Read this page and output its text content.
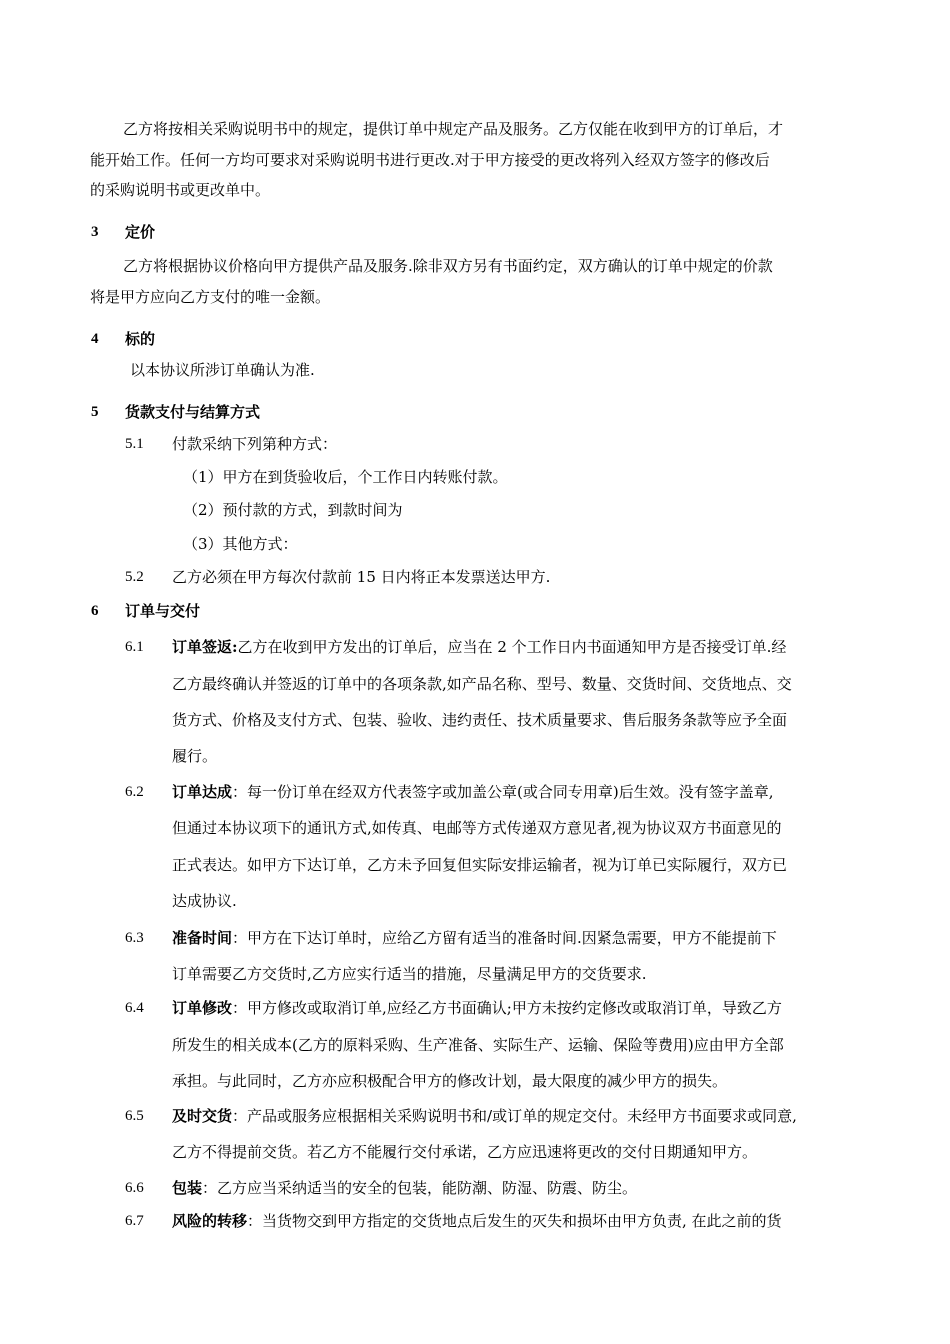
乙方将按相关采购说明书中的规定，提供订单中规定产品及服务。乙方仅能在收到甲方的订单后，才
能开始工作。任何一方均可要求对采购说明书进行更改.对于甲方接受的更改将列入经双方签字的修改后
的采购说明书或更改单中。
3 定价
乙方将根据协议价格向甲方提供产品及服务.除非双方另有书面约定，双方确认的订单中规定的价款
将是甲方应向乙方支付的唯一金额。
4 标的
以本协议所涉订单确认为准.
5 货款支付与结算方式
5.1 付款采纳下列第种方式：
（1）甲方在到货验收后，个工作日内转账付款。
（2）预付款的方式，到款时间为
（3）其他方式：
5.2 乙方必须在甲方每次付款前 15 日内将正本发票送达甲方.
6 订单与交付
6.1 订单签返:乙方在收到甲方发出的订单后，应当在 2 个工作日内书面通知甲方是否接受订单.经
乙方最终确认并签返的订单中的各项条款,如产品名称、型号、数量、交货时间、交货地点、交
货方式、价格及支付方式、包装、验收、违约责任、技术质量要求、售后服务条款等应予全面
履行。
6.2 订单达成：每一份订单在经双方代表签字或加盖公章(或合同专用章)后生效。没有签字盖章,
但通过本协议项下的通讯方式,如传真、电邮等方式传递双方意见者,视为协议双方书面意见的
正式表达。如甲方下达订单，乙方未予回复但实际安排运输者，视为订单已实际履行，双方已
达成协议.
6.3 准备时间：甲方在下达订单时，应给乙方留有适当的准备时间.因紧急需要，甲方不能提前下
订单需要乙方交货时,乙方应实行适当的措施，尽量满足甲方的交货要求.
6.4 订单修改：甲方修改或取消订单,应经乙方书面确认;甲方未按约定修改或取消订单，导致乙方
所发生的相关成本(乙方的原料采购、生产准备、实际生产、运输、保险等费用)应由甲方全部
承担。与此同时，乙方亦应积极配合甲方的修改计划，最大限度的减少甲方的损失。
6.5 及时交货：产品或服务应根据相关采购说明书和/或订单的规定交付。未经甲方书面要求或同意,
乙方不得提前交货。若乙方不能履行交付承诺，乙方应迅速将更改的交付日期通知甲方。
6.6 包装：乙方应当采纳适当的安全的包装，能防潮、防湿、防震、防尘。
6.7 风险的转移：当货物交到甲方指定的交货地点后发生的灭失和损坏由甲方负责, 在此之前的货
